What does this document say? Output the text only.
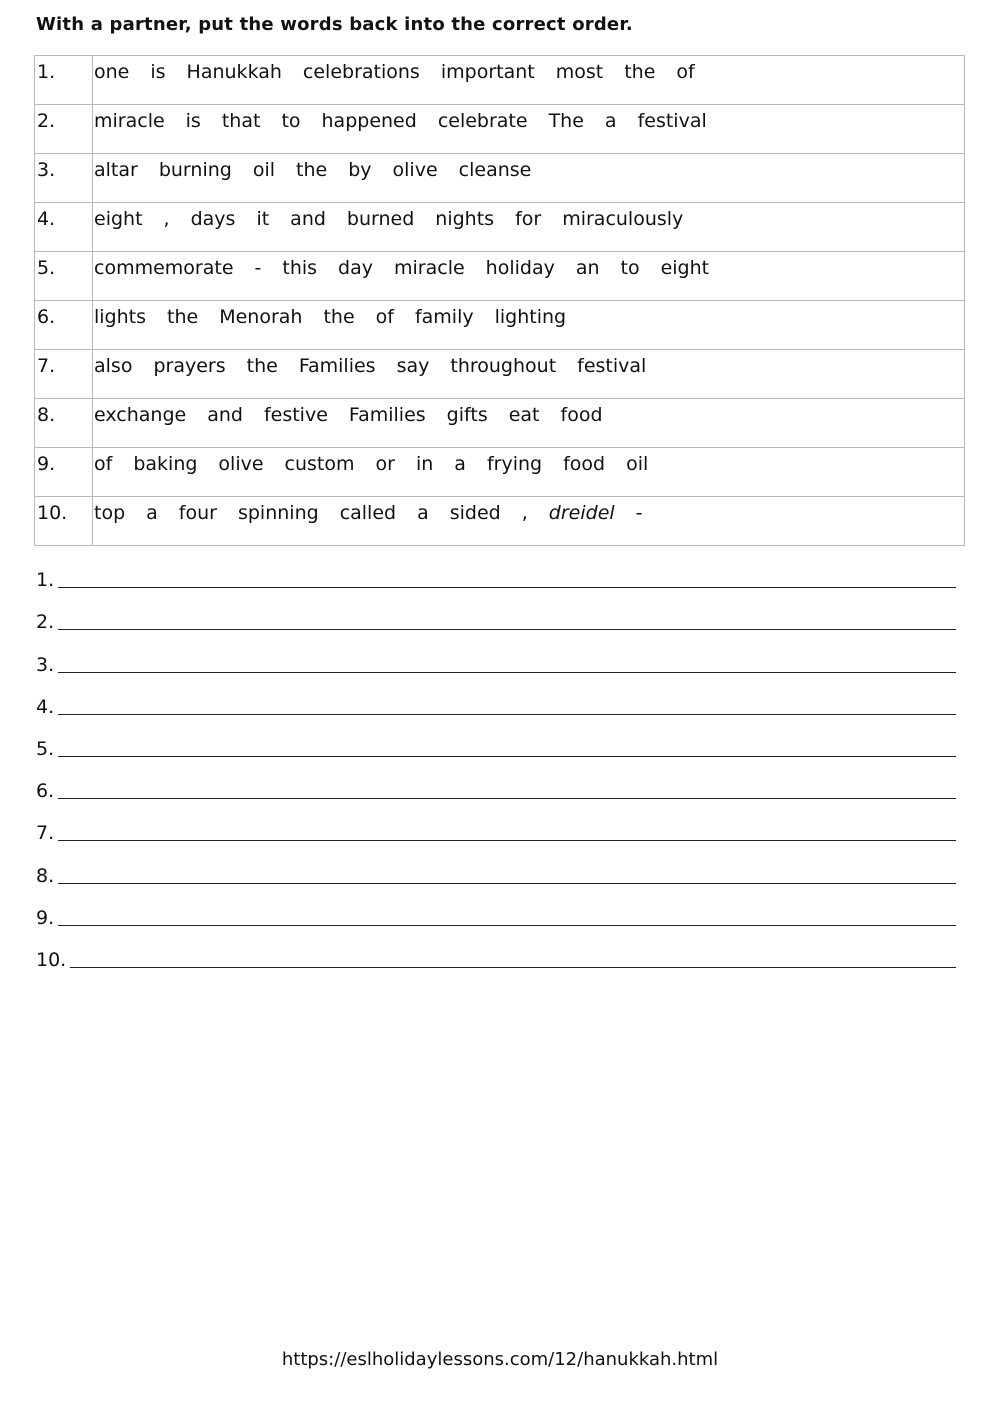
With a partner, put the words back into the correct order.
1.	one is Hanukkah celebrations important most the of
2.	miracle is that to happened celebrate The a festival
3.	altar burning oil the by olive cleanse
4.	eight , days it and burned nights for miraculously
5.	commemorate - this day miracle holiday an to eight
6.	lights the Menorah the of family lighting
7.	also prayers the Families say throughout festival
8.	exchange and festive Families gifts eat food
9.	of baking olive custom or in a frying food oil
10.	top a four spinning called a sided , dreidel -
1.
2.
3.
4.
5.
6.
7.
8.
9.
10.
https://eslholidaylessons.com/12/hanukkah.html
